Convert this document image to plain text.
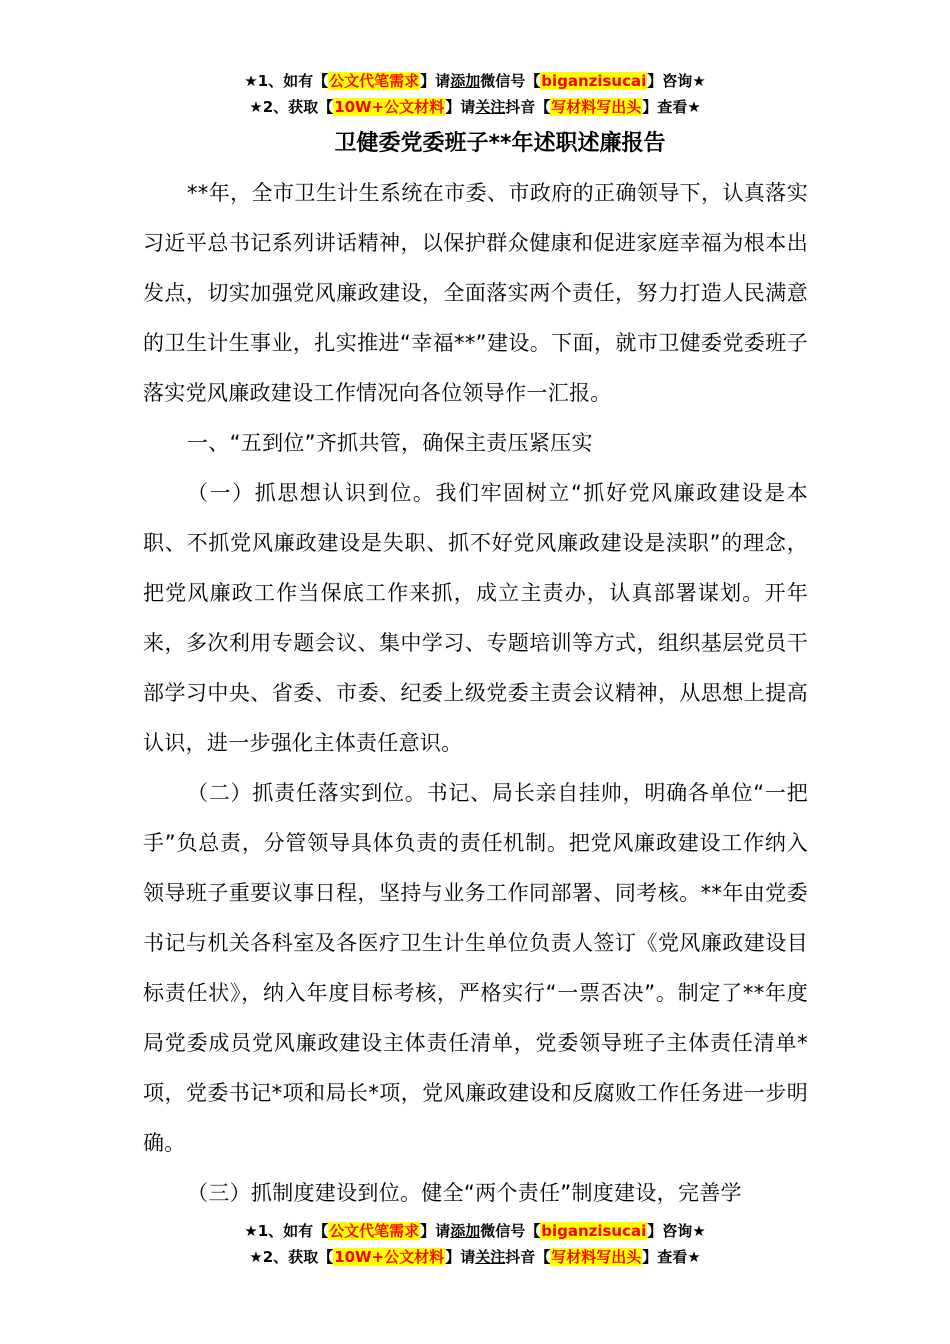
★1、如有【公文代笔需求】请添加微信号【biganzisucai】咨询★
★2、获取【10W+公文材料】请关注抖音【写材料写出头】查看★
卫健委党委班子**年述职述廉报告

**年，全市卫生计生系统在市委、市政府的正确领导下，认真落实习近平总书记系列讲话精神，以保护群众健康和促进家庭幸福为根本出发点，切实加强党风廉政建设，全面落实两个责任，努力打造人民满意的卫生计生事业，扎实推进“幸福**”建设。下面，就市卫健委党委班子落实党风廉政建设工作情况向各位领导作一汇报。

一、“五到位”齐抓共管，确保主责压紧压实

（一）抓思想认识到位。我们牢固树立“抓好党风廉政建设是本职、不抓党风廉政建设是失职、抓不好党风廉政建设是渎职”的理念，把党风廉政工作当保底工作来抓，成立主责办，认真部署谋划。开年来，多次利用专题会议、集中学习、专题培训等方式，组织基层党员干部学习中央、省委、市委、纪委上级党委主责会议精神，从思想上提高认识，进一步强化主体责任意识。

（二）抓责任落实到位。书记、局长亲自挂帅，明确各单位“一把手”负总责，分管领导具体负责的责任机制。把党风廉政建设工作纳入领导班子重要议事日程，坚持与业务工作同部署、同考核。**年由党委书记与机关各科室及各医疗卫生计生单位负责人签订《党风廉政建设目标责任状》，纳入年度目标考核，严格实行“一票否决”。制定了**年度局党委成员党风廉政建设主体责任清单，党委领导班子主体责任清单*项，党委书记*项和局长*项，党风廉政建设和反腐败工作任务进一步明确。

（三）抓制度建设到位。健全“两个责任”制度建设，完善学

★1、如有【公文代笔需求】请添加微信号【biganzisucai】咨询★
★2、获取【10W+公文材料】请关注抖音【写材料写出头】查看★
